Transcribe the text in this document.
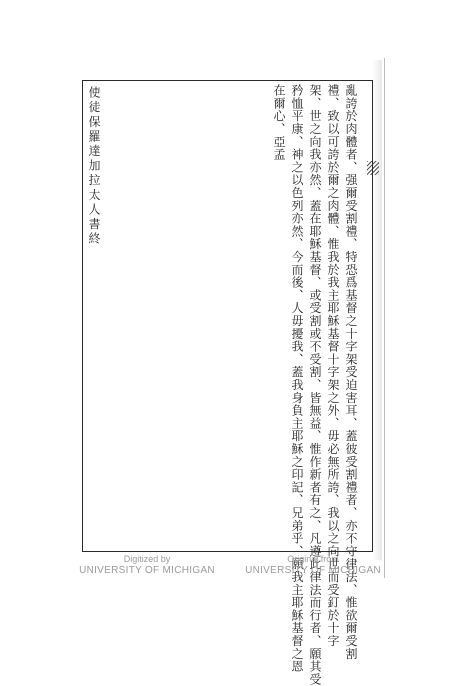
亂誇於肉體者、强爾受割禮、特恐爲基督之十字架受迫害耳、蓋彼受割禮者、亦不守律法、惟欲爾受割
禮、致以可誇於爾之肉體、惟我於我主耶穌基督十字架之外、毋必無所誇、我以之向世而受釘於十字
架、世之向我亦然、蓋在耶穌基督、或受割或不受割、皆無益、惟作新者有之、凡遵此律法而行者、願其受
矜恤平康、神之以色列亦然、今而後、人毋擾我、蓋我身負主耶穌之印記、兄弟乎、願我主耶穌基督之恩
在爾心、亞孟
使徒保羅達加拉太人書終
Digitized by
UNIVERSITY OF MICHIGAN
Original from
UNIVERSITY OF MICHIGAN
